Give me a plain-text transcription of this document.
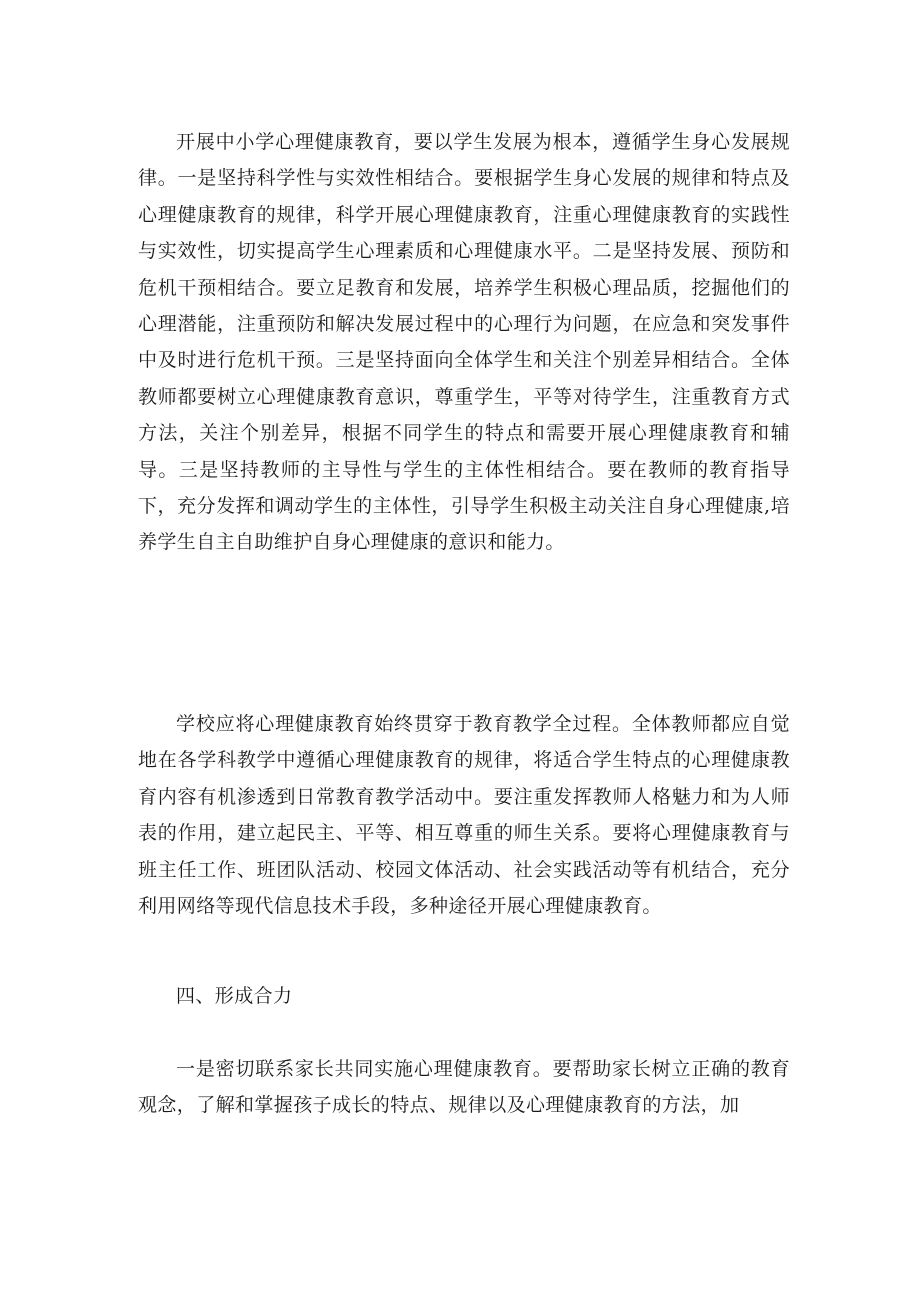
开展中小学心理健康教育，要以学生发展为根本，遵循学生身心发展规律。一是坚持科学性与实效性相结合。要根据学生身心发展的规律和特点及心理健康教育的规律，科学开展心理健康教育，注重心理健康教育的实践性与实效性，切实提高学生心理素质和心理健康水平。二是坚持发展、预防和危机干预相结合。要立足教育和发展，培养学生积极心理品质，挖掘他们的心理潜能，注重预防和解决发展过程中的心理行为问题，在应急和突发事件中及时进行危机干预。三是坚持面向全体学生和关注个别差异相结合。全体教师都要树立心理健康教育意识，尊重学生，平等对待学生，注重教育方式方法，关注个别差异，根据不同学生的特点和需要开展心理健康教育和辅导。三是坚持教师的主导性与学生的主体性相结合。要在教师的教育指导下，充分发挥和调动学生的主体性，引导学生积极主动关注自身心理健康,培养学生自主自助维护自身心理健康的意识和能力。

学校应将心理健康教育始终贯穿于教育教学全过程。全体教师都应自觉地在各学科教学中遵循心理健康教育的规律，将适合学生特点的心理健康教育内容有机渗透到日常教育教学活动中。要注重发挥教师人格魅力和为人师表的作用，建立起民主、平等、相互尊重的师生关系。要将心理健康教育与班主任工作、班团队活动、校园文体活动、社会实践活动等有机结合，充分利用网络等现代信息技术手段，多种途径开展心理健康教育。

四、形成合力

一是密切联系家长共同实施心理健康教育。要帮助家长树立正确的教育观念，了解和掌握孩子成长的特点、规律以及心理健康教育的方法，加
